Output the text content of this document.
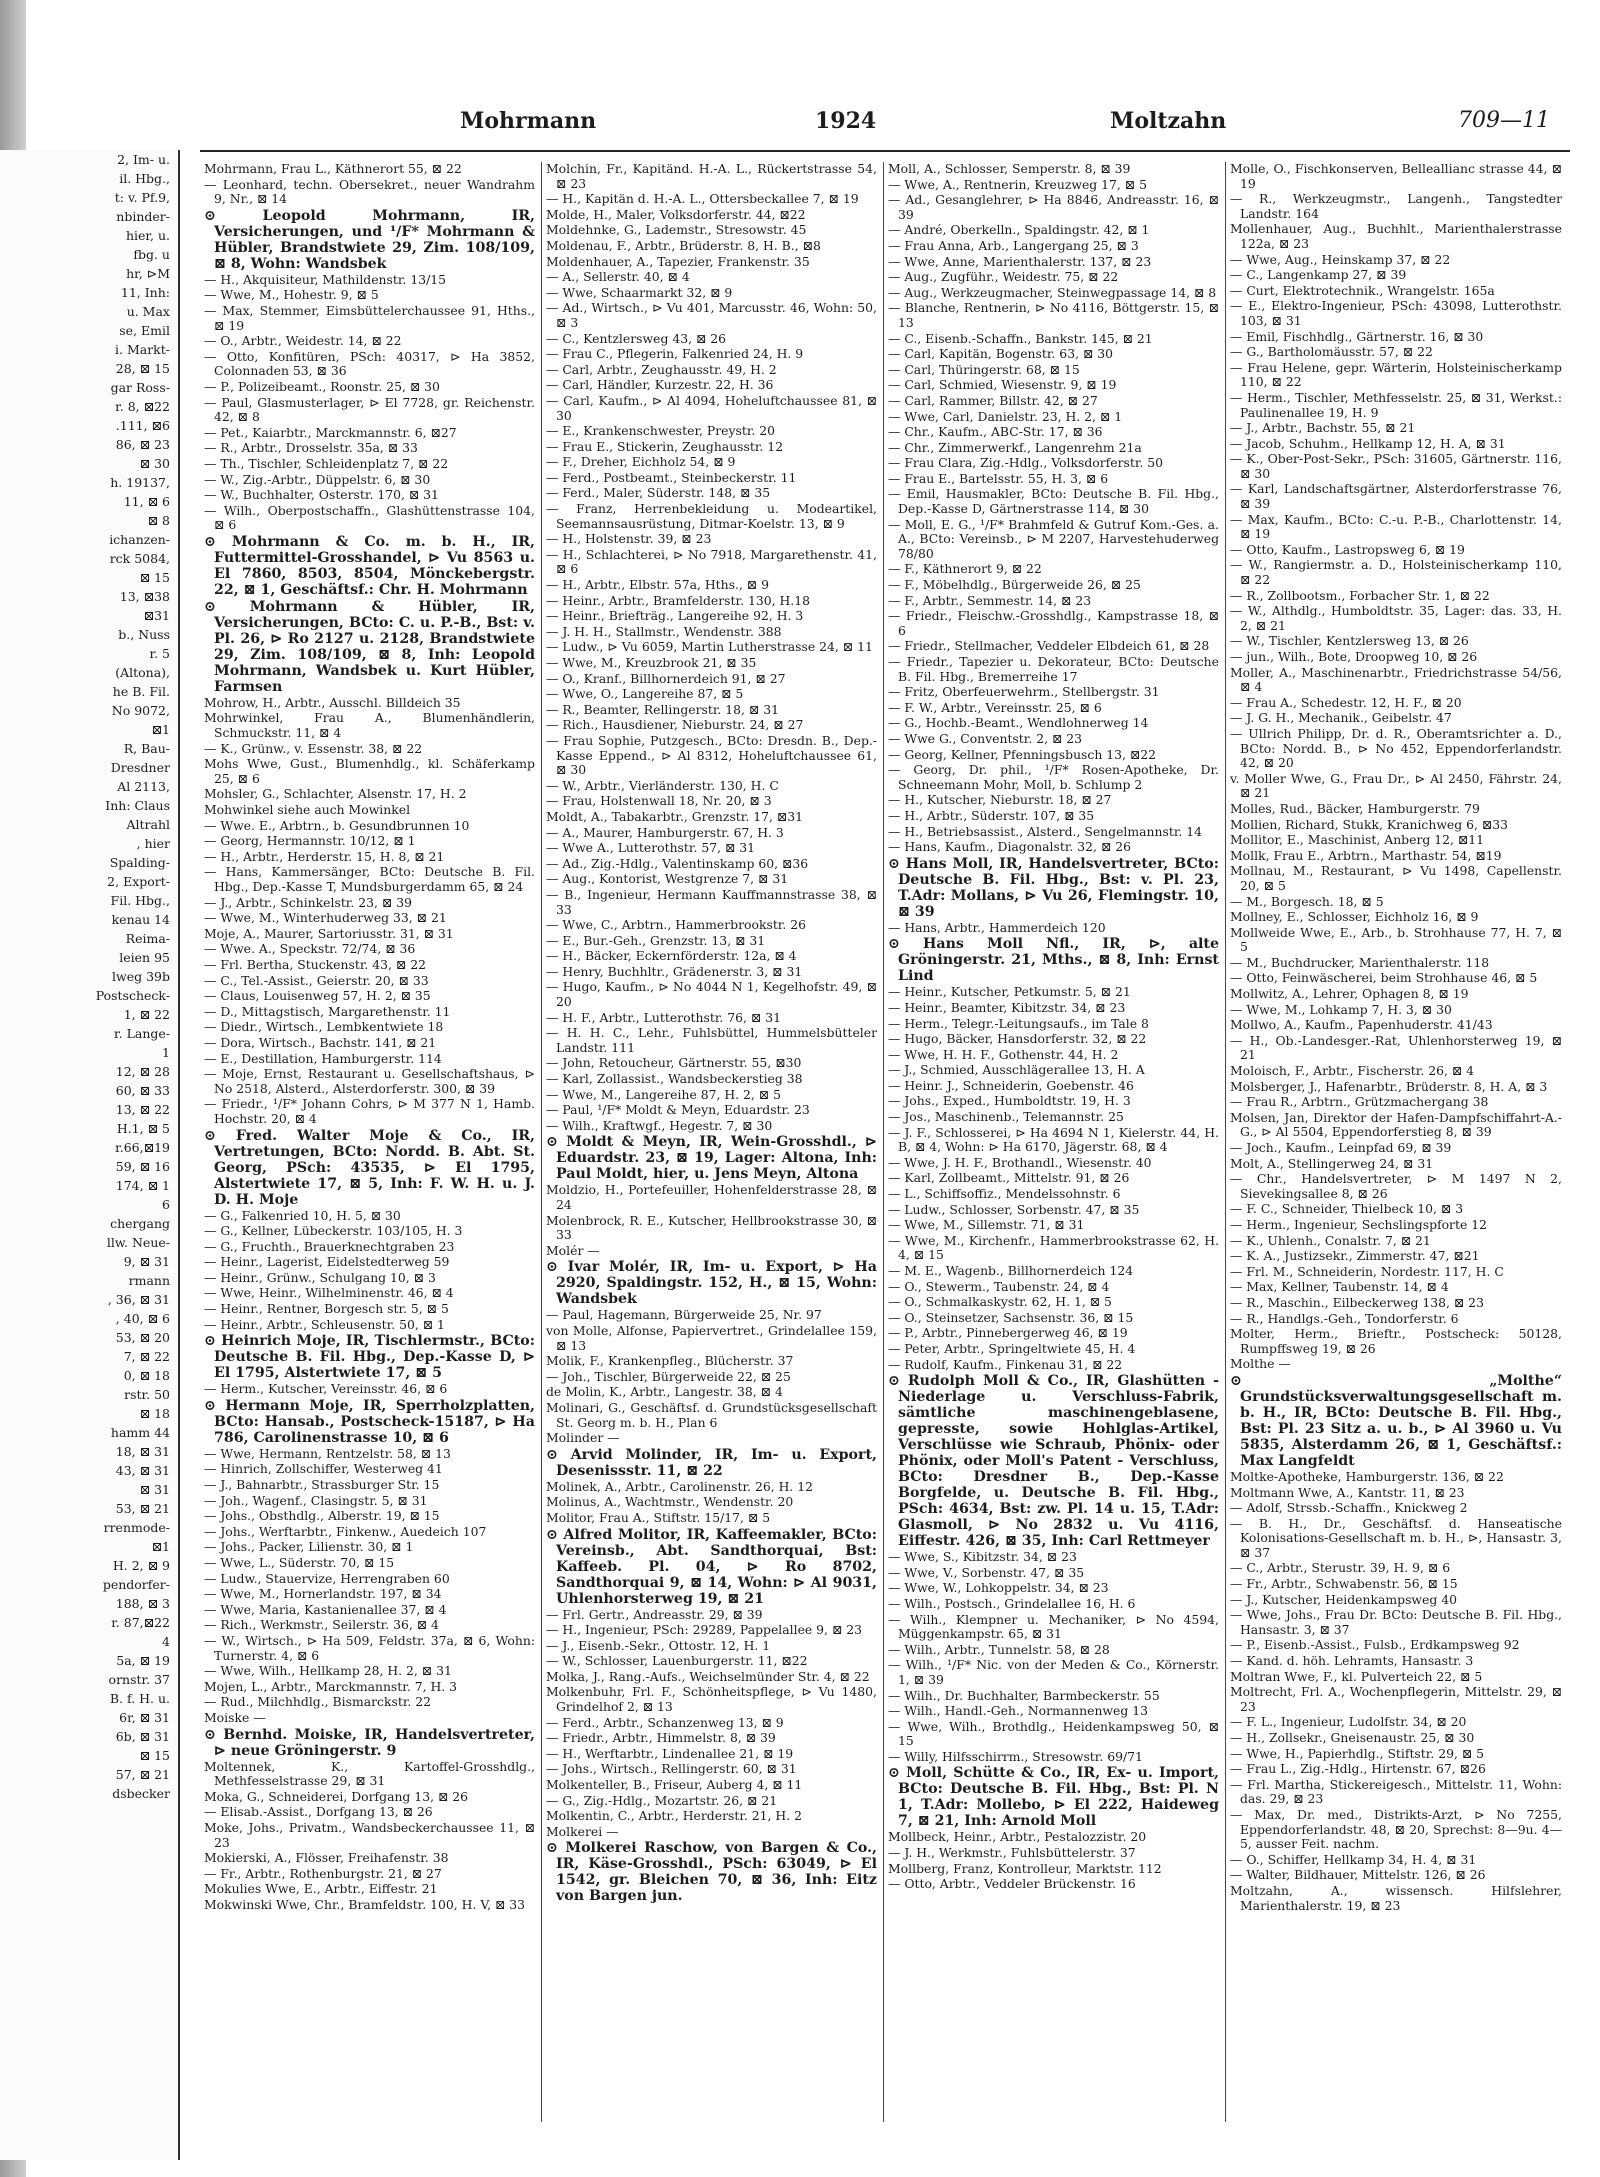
2, Im- u.
il. Hbg.,
t: v. Pf.9,
nbinder-
hier, u.
fbg. u
hr, ⊳M
11, Inh:
u. Max
se, Emil
i. Markt-
28, ⊠ 15
gar Ross-
r. 8, ⊠22
.111, ⊠6
86, ⊠ 23
⊠ 30
h. 19137,
11, ⊠ 6
⊠ 8
ichanzen-
rck 5084,
⊠ 15
13, ⊠38
⊠31
b., Nuss
r. 5
(Altona),
he B. Fil.
No 9072,
⊠1
R, Bau-
Dresdner
Al 2113,
Inh: Claus
Altrahl
, hier
Spalding-
2, Export-
Fil. Hbg.,
kenau 14
Reima-
leien 95
lweg 39b
Postscheck-
1, ⊠ 22
r. Lange-
1
12, ⊠ 28
60, ⊠ 33
13, ⊠ 22
H.1, ⊠ 5
r.66,⊠19
59, ⊠ 16
174, ⊠ 1
6
chergang
llw. Neue-
9, ⊠ 31
rmann
, 36, ⊠ 31
, 40, ⊠ 6
53, ⊠ 20
7, ⊠ 22
0, ⊠ 18
rstr. 50
⊠ 18
hamm 44
18, ⊠ 31
43, ⊠ 31
⊠ 31
53, ⊠ 21
rrenmode-
⊠1
H. 2, ⊠ 9
pendorfer-
188, ⊠ 3
r. 87,⊠22
4
5a, ⊠ 19
ornstr. 37
B. f. H. u.
6r, ⊠ 31
6b, ⊠ 31
⊠ 15
57, ⊠ 21
dsbecker
Mohrmann	1924	Moltzahn	709—11
Mohrmann, Frau L., Käthnerort 55, ⊠ 22
— Leonhard, techn. Obersekret., neuer Wandrahm 9, Nr., ⊠ 14
⊙ Leopold Mohrmann, IR, Versicherungen, und ¹/F* Mohrmann & Hübler, Brandstwiete 29, Zim. 108/109, ⊠ 8, Wohn: Wandsbek
— H., Akquisiteur, Mathildenstr. 13/15
— Wwe, M., Hohestr. 9, ⊠ 5
— Max, Stemmer, Eimsbüttelerchaussee 91, Hths., ⊠ 19
— O., Arbtr., Weidestr. 14, ⊠ 22
— Otto, Konfitüren, PSch: 40317, ⊳ Ha 3852, Colonnaden 53, ⊠ 36
— P., Polizeibeamt., Roonstr. 25, ⊠ 30
— Paul, Glasmusterlager, ⊳ El 7728, gr. Reichenstr. 42, ⊠ 8
— Pet., Kaiarbtr., Marckmannstr. 6, ⊠27
— R., Arbtr., Drosselstr. 35a, ⊠ 33
— Th., Tischler, Schleidenplatz 7, ⊠ 22
— W., Zig.-Arbtr., Düppelstr. 6, ⊠ 30
— W., Buchhalter, Osterstr. 170, ⊠ 31
— Wilh., Oberpostschaffn., Glashüttenstrasse 104, ⊠ 6
⊙ Mohrmann & Co. m. b. H., IR, Futtermittel-Grosshandel, ⊳ Vu 8563 u. El 7860, 8503, 8504, Mönckebergstr. 22, ⊠ 1, Geschäftsf.: Chr. H. Mohrmann
⊙ Mohrmann & Hübler, IR, Versicherungen, BCto: C. u. P.-B., Bst: v. Pl. 26, ⊳ Ro 2127 u. 2128, Brandstwiete 29, Zim. 108/109, ⊠ 8, Inh: Leopold Mohrmann, Wandsbek u. Kurt Hübler, Farmsen
Mohrow, H., Arbtr., Ausschl. Billdeich 35
Mohrwinkel, Frau A., Blumenhändlerin, Schmuckstr. 11, ⊠ 4
— K., Grünw., v. Essenstr. 38, ⊠ 22
Mohs Wwe, Gust., Blumenhdlg., kl. Schäferkamp 25, ⊠ 6
Mohsler, G., Schlachter, Alsenstr. 17, H. 2
Mohwinkel siehe auch Mowinkel
— Wwe. E., Arbtrn., b. Gesundbrunnen 10
— Georg, Hermannstr. 10/12, ⊠ 1
— H., Arbtr., Herderstr. 15, H. 8, ⊠ 21
— Hans, Kammersänger, BCto: Deutsche B. Fil. Hbg., Dep.-Kasse T, Mundsburgerdamm 65, ⊠ 24
— J., Arbtr., Schinkelstr. 23, ⊠ 39
— Wwe, M., Winterhuderweg 33, ⊠ 21
Moje, A., Maurer, Sartoriusstr. 31, ⊠ 31
— Wwe. A., Speckstr. 72/74, ⊠ 36
— Frl. Bertha, Stuckenstr. 43, ⊠ 22
— C., Tel.-Assist., Geierstr. 20, ⊠ 33
— Claus, Louisenweg 57, H. 2, ⊠ 35
— D., Mittagstisch, Margarethenstr. 11
— Diedr., Wirtsch., Lembkentwiete 18
— Dora, Wirtsch., Bachstr. 141, ⊠ 21
— E., Destillation, Hamburgerstr. 114
— Moje, Ernst, Restaurant u. Gesellschaftshaus, ⊳ No 2518, Alsterd., Alsterdorferstr. 300, ⊠ 39
— Friedr., ¹/F* Johann Cohrs, ⊳ M 377 N 1, Hamb. Hochstr. 20, ⊠ 4
⊙ Fred. Walter Moje & Co., IR, Vertretungen, BCto: Nordd. B. Abt. St. Georg, PSch: 43535, ⊳ El 1795, Alstertwiete 17, ⊠ 5, Inh: F. W. H. u. J. D. H. Moje
— G., Falkenried 10, H. 5, ⊠ 30
— G., Kellner, Lübeckerstr. 103/105, H. 3
— G., Fruchth., Brauerknechtgraben 23
— Heinr., Lagerist, Eidelstedterweg 59
— Heinr., Grünw., Schulgang 10, ⊠ 3
— Wwe, Heinr., Wilhelminenstr. 46, ⊠ 4
— Heinr., Rentner, Borgesch str. 5, ⊠ 5
— Heinr., Arbtr., Schleusenstr. 50, ⊠ 1
⊙ Heinrich Moje, IR, Tischlermstr., BCto: Deutsche B. Fil. Hbg., Dep.-Kasse D, ⊳ El 1795, Alstertwiete 17, ⊠ 5
— Herm., Kutscher, Vereinsstr. 46, ⊠ 6
⊙ Hermann Moje, IR, Sperrholzplatten, BCto: Hansab., Postscheck-15187, ⊳ Ha 786, Carolinenstrasse 10, ⊠ 6
— Wwe, Hermann, Rentzelstr. 58, ⊠ 13
— Hinrich, Zollschiffer, Westerweg 41
— J., Bahnarbtr., Strassburger Str. 15
— Joh., Wagenf., Clasingstr. 5, ⊠ 31
— Johs., Obsthdlg., Alberstr. 19, ⊠ 15
— Johs., Werftarbtr., Finkenw., Auedeich 107
— Johs., Packer, Lilienstr. 30, ⊠ 1
— Wwe, L., Süderstr. 70, ⊠ 15
— Ludw., Stauervize, Herrengraben 60
— Wwe, M., Hornerlandstr. 197, ⊠ 34
— Wwe, Maria, Kastanienallee 37, ⊠ 4
— Rich., Werkmstr., Seilerstr. 36, ⊠ 4
— W., Wirtsch., ⊳ Ha 509, Feldstr. 37a, ⊠ 6, Wohn: Turnerstr. 4, ⊠ 6
— Wwe, Wilh., Hellkamp 28, H. 2, ⊠ 31
Mojen, L., Arbtr., Marckmannstr. 7, H. 3
— Rud., Milchhdlg., Bismarckstr. 22
Moiske —
⊙ Bernhd. Moiske, IR, Handelsvertreter, ⊳ neue Gröningerstr. 9
Moltennek, K., Kartoffel-Grosshdlg., Methfesselstrasse 29, ⊠ 31
Moka, G., Schneiderei, Dorfgang 13, ⊠ 26
— Elisab.-Assist., Dorfgang 13, ⊠ 26
Moke, Johs., Privatm., Wandsbeckerchaussee 11, ⊠ 23
Mokierski, A., Flösser, Freihafenstr. 38
— Fr., Arbtr., Rothenburgstr. 21, ⊠ 27
Mokulies Wwe, E., Arbtr., Eiffestr. 21
Mokwinski Wwe, Chr., Bramfeldstr. 100, H. V, ⊠ 33
Molchin, Fr., Kapitänd. H.-A. L., Rückertstrasse 54, ⊠ 23
— H., Kapitän d. H.-A. L., Ottersbeckallee 7, ⊠ 19
Molde, H., Maler, Volksdorferstr. 44, ⊠22
Moldehnke, G., Lademstr., Stresowstr. 45
Moldenau, F., Arbtr., Brüderstr. 8, H. B., ⊠8
Moldenhauer, A., Tapezier, Frankenstr. 35
— A., Sellerstr. 40, ⊠ 4
— Wwe, Schaarmarkt 32, ⊠ 9
— Ad., Wirtsch., ⊳ Vu 401, Marcusstr. 46, Wohn: 50, ⊠ 3
— C., Kentzlersweg 43, ⊠ 26
— Frau C., Pflegerin, Falkenried 24, H. 9
— Carl, Arbtr., Zeughausstr. 49, H. 2
— Carl, Händler, Kurzestr. 22, H. 36
— Carl, Kaufm., ⊳ Al 4094, Hoheluftchaussee 81, ⊠ 30
— E., Krankenschwester, Preystr. 20
— Frau E., Stickerin, Zeughausstr. 12
— F., Dreher, Eichholz 54, ⊠ 9
— Ferd., Postbeamt., Steinbeckerstr. 11
— Ferd., Maler, Süderstr. 148, ⊠ 35
— Franz, Herrenbekleidung u. Modeartikel, Seemannsausrüstung, Ditmar-Koelstr. 13, ⊠ 9
— H., Holstenstr. 39, ⊠ 23
— H., Schlachterei, ⊳ No 7918, Margarethenstr. 41, ⊠ 6
— H., Arbtr., Elbstr. 57a, Hths., ⊠ 9
— Heinr., Arbtr., Bramfelderstr. 130, H.18
— Heinr., Briefträg., Langereihe 92, H. 3
— J. H. H., Stallmstr., Wendenstr. 388
— Ludw., ⊳ Vu 6059, Martin Lutherstrasse 24, ⊠ 11
— Wwe, M., Kreuzbrook 21, ⊠ 35
— O., Kranf., Billhornerdeich 91, ⊠ 27
— Wwe, O., Langereihe 87, ⊠ 5
— R., Beamter, Rellingerstr. 18, ⊠ 31
— Rich., Hausdiener, Nieburstr. 24, ⊠ 27
— Frau Sophie, Putzgesch., BCto: Dresdn. B., Dep.-Kasse Eppend., ⊳ Al 8312, Hoheluftchaussee 61, ⊠ 30
— W., Arbtr., Vierländerstr. 130, H. C
— Frau, Holstenwall 18, Nr. 20, ⊠ 3
Moldt, A., Tabakarbtr., Grenzstr. 17, ⊠31
— A., Maurer, Hamburgerstr. 67, H. 3
— Wwe A., Lutterothstr. 57, ⊠ 31
— Ad., Zig.-Hdlg., Valentinskamp 60, ⊠36
— Aug., Kontorist, Westgrenze 7, ⊠ 31
— B., Ingenieur, Hermann Kauffmannstrasse 38, ⊠ 33
— Wwe, C., Arbtrn., Hammerbrookstr. 26
— E., Bur.-Geh., Grenzstr. 13, ⊠ 31
— H., Bäcker, Eckernförderstr. 12a, ⊠ 4
— Henry, Buchhltr., Grädenerstr. 3, ⊠ 31
— Hugo, Kaufm., ⊳ No 4044 N 1, Kegelhofstr. 49, ⊠ 20
— H. F., Arbtr., Lutterothstr. 76, ⊠ 31
— H. H. C., Lehr., Fuhlsbüttel, Hummelsbütteler Landstr. 111
— John, Retoucheur, Gärtnerstr. 55, ⊠30
— Karl, Zollassist., Wandsbeckerstieg 38
— Wwe, M., Langereihe 87, H. 2, ⊠ 5
— Paul, ¹/F* Moldt & Meyn, Eduardstr. 23
— Wilh., Kraftwgf., Hegestr. 7, ⊠ 30
⊙ Moldt & Meyn, IR, Wein-Grosshdl., ⊳ Eduardstr. 23, ⊠ 19, Lager: Altona, Inh: Paul Moldt, hier, u. Jens Meyn, Altona
Moldzio, H., Portefeuiller, Hohenfelderstrasse 28, ⊠ 24
Molenbrock, R. E., Kutscher, Hellbrookstrasse 30, ⊠ 33
Molér —
⊙ Ivar Molér, IR, Im- u. Export, ⊳ Ha 2920, Spaldingstr. 152, H., ⊠ 15, Wohn: Wandsbek
— Paul, Hagemann, Bürgerweide 25, Nr. 97
von Molle, Alfonse, Papiervertret., Grindelallee 159, ⊠ 13
Molik, F., Krankenpfleg., Blücherstr. 37
— Joh., Tischler, Bürgerweide 22, ⊠ 25
de Molin, K., Arbtr., Langestr. 38, ⊠ 4
Molinari, G., Geschäftsf. d. Grundstücksgesellschaft St. Georg m. b. H., Plan 6
Molinder —
⊙ Arvid Molinder, IR, Im- u. Export, Desenissstr. 11, ⊠ 22
Molinek, A., Arbtr., Carolinenstr. 26, H. 12
Molinus, A., Wachtmstr., Wendenstr. 20
Molitor, Frau A., Stiftstr. 15/17, ⊠ 5
⊙ Alfred Molitor, IR, Kaffeemakler, BCto: Vereinsb., Abt. Sandthorquai, Bst: Kaffeeb. Pl. 04, ⊳ Ro 8702, Sandthorquai 9, ⊠ 14, Wohn: ⊳ Al 9031, Uhlenhorsterweg 19, ⊠ 21
— Frl. Gertr., Andreasstr. 29, ⊠ 39
— H., Ingenieur, PSch: 29289, Pappelallee 9, ⊠ 23
— J., Eisenb.-Sekr., Ottostr. 12, H. 1
— W., Schlosser, Lauenburgerstr. 11, ⊠22
Molka, J., Rang.-Aufs., Weichselmünder Str. 4, ⊠ 22
Molkenbuhr, Frl. F., Schönheitspflege, ⊳ Vu 1480, Grindelhof 2, ⊠ 13
— Ferd., Arbtr., Schanzenweg 13, ⊠ 9
— Friedr., Arbtr., Himmelstr. 8, ⊠ 39
— H., Werftarbtr., Lindenallee 21, ⊠ 19
— Johs., Wirtsch., Rellingerstr. 60, ⊠ 31
Molkenteller, B., Friseur, Auberg 4, ⊠ 11
— G., Zig.-Hdlg., Mozartstr. 26, ⊠ 21
Molkentin, C., Arbtr., Herderstr. 21, H. 2
Molkerei —
⊙ Molkerei Raschow, von Bargen & Co., IR, Käse-Grosshdl., PSch: 63049, ⊳ El 1542, gr. Bleichen 70, ⊠ 36, Inh: Eitz von Bargen jun.
Moll, A., Schlosser, Semperstr. 8, ⊠ 39
— Wwe, A., Rentnerin, Kreuzweg 17, ⊠ 5
— Ad., Gesanglehrer, ⊳ Ha 8846, Andreasstr. 16, ⊠ 39
— André, Oberkelln., Spaldingstr. 42, ⊠ 1
— Frau Anna, Arb., Langergang 25, ⊠ 3
— Wwe, Anne, Marienthalerstr. 137, ⊠ 23
— Aug., Zugführ., Weidestr. 75, ⊠ 22
— Aug., Werkzeugmacher, Steinwegpassage 14, ⊠ 8
— Blanche, Rentnerin, ⊳ No 4116, Böttgerstr. 15, ⊠ 13
— C., Eisenb.-Schaffn., Bankstr. 145, ⊠ 21
— Carl, Kapitän, Bogenstr. 63, ⊠ 30
— Carl, Thüringerstr. 68, ⊠ 15
— Carl, Schmied, Wiesenstr. 9, ⊠ 19
— Carl, Rammer, Billstr. 42, ⊠ 27
— Wwe, Carl, Danielstr. 23, H. 2, ⊠ 1
— Chr., Kaufm., ABC-Str. 17, ⊠ 36
— Chr., Zimmerwerkf., Langenrehm 21a
— Frau Clara, Zig.-Hdlg., Volksdorferstr. 50
— Frau E., Bartelsstr. 55, H. 3, ⊠ 6
— Emil, Hausmakler, BCto: Deutsche B. Fil. Hbg., Dep.-Kasse D, Gärtnerstrasse 114, ⊠ 30
— Moll, E. G., ¹/F* Brahmfeld & Gutruf Kom.-Ges. a. A., BCto: Vereinsb., ⊳ M 2207, Harvestehuderweg 78/80
— F., Käthnerort 9, ⊠ 22
— F., Möbelhdlg., Bürgerweide 26, ⊠ 25
— F., Arbtr., Semmestr. 14, ⊠ 23
— Friedr., Fleischw.-Grosshdlg., Kampstrasse 18, ⊠ 6
— Friedr., Stellmacher, Veddeler Elbdeich 61, ⊠ 28
— Friedr., Tapezier u. Dekorateur, BCto: Deutsche B. Fil. Hbg., Bremerreihe 17
— Fritz, Oberfeuerwehrm., Stellbergstr. 31
— F. W., Arbtr., Vereinsstr. 25, ⊠ 6
— G., Hochb.-Beamt., Wendlohnerweg 14
— Wwe G., Conventstr. 2, ⊠ 23
— Georg, Kellner, Pfenningsbusch 13, ⊠22
— Georg, Dr. phil., ¹/F* Rosen-Apotheke, Dr. Schneemann Mohr, Moll, b. Schlump 2
— H., Kutscher, Nieburstr. 18, ⊠ 27
— H., Arbtr., Süderstr. 107, ⊠ 35
— H., Betriebsassist., Alsterd., Sengelmannstr. 14
— Hans, Kaufm., Diagonalstr. 32, ⊠ 26
⊙ Hans Moll, IR, Handelsvertreter, BCto: Deutsche B. Fil. Hbg., Bst: v. Pl. 23, T.Adr: Mollans, ⊳ Vu 26, Flemingstr. 10, ⊠ 39
— Hans, Arbtr., Hammerdeich 120
⊙ Hans Moll Nfl., IR, ⊳, alte Gröningerstr. 21, Mths., ⊠ 8, Inh: Ernst Lind
— Heinr., Kutscher, Petkumstr. 5, ⊠ 21
— Heinr., Beamter, Kibitzstr. 34, ⊠ 23
— Herm., Telegr.-Leitungsaufs., im Tale 8
— Hugo, Bäcker, Hansdorferstr. 32, ⊠ 22
— Wwe, H. H. F., Gothenstr. 44, H. 2
— J., Schmied, Ausschlägerallee 13, H. A
— Heinr. J., Schneiderin, Goebenstr. 46
— Johs., Exped., Humboldtstr. 19, H. 3
— Jos., Maschinenb., Telemannstr. 25
— J. F., Schlosserei, ⊳ Ha 4694 N 1, Kielerstr. 44, H. B, ⊠ 4, Wohn: ⊳ Ha 6170, Jägerstr. 68, ⊠ 4
— Wwe, J. H. F., Brothandl., Wiesenstr. 40
— Karl, Zollbeamt., Mittelstr. 91, ⊠ 26
— L., Schiffsoffiz., Mendelssohnstr. 6
— Ludw., Schlosser, Sorbenstr. 47, ⊠ 35
— Wwe, M., Sillemstr. 71, ⊠ 31
— Wwe, M., Kirchenfr., Hammerbrookstrasse 62, H. 4, ⊠ 15
— M. E., Wagenb., Billhornerdeich 124
— O., Stewerm., Taubenstr. 24, ⊠ 4
— O., Schmalkaskystr. 62, H. 1, ⊠ 5
— O., Steinsetzer, Sachsenstr. 36, ⊠ 15
— P., Arbtr., Pinnebergerweg 46, ⊠ 19
— Peter, Arbtr., Springeltwiete 45, H. 4
— Rudolf, Kaufm., Finkenau 31, ⊠ 22
⊙ Rudolph Moll & Co., IR, Glashütten - Niederlage u. Verschluss-Fabrik, sämtliche maschinengeblasene, gepresste, sowie Hohlglas-Artikel, Verschlüsse wie Schraub, Phönix- oder Phönix, oder Moll's Patent - Verschluss, BCto: Dresdner B., Dep.-Kasse Borgfelde, u. Deutsche B. Fil. Hbg., PSch: 4634, Bst: zw. Pl. 14 u. 15, T.Adr: Glasmoll, ⊳ No 2832 u. Vu 4116, Eiffestr. 426, ⊠ 35, Inh: Carl Rettmeyer
— Wwe, S., Kibitzstr. 34, ⊠ 23
— Wwe, V., Sorbenstr. 47, ⊠ 35
— Wwe, W., Lohkoppelstr. 34, ⊠ 23
— Wilh., Postsch., Grindelallee 16, H. 6
— Wilh., Klempner u. Mechaniker, ⊳ No 4594, Müggenkampstr. 65, ⊠ 31
— Wilh., Arbtr., Tunnelstr. 58, ⊠ 28
— Wilh., ¹/F* Nic. von der Meden & Co., Körnerstr. 1, ⊠ 39
— Wilh., Dr. Buchhalter, Barmbeckerstr. 55
— Wilh., Handl.-Geh., Normannenweg 13
— Wwe, Wilh., Brothdlg., Heidenkampsweg 50, ⊠ 15
— Willy, Hilfsschirrm., Stresowstr. 69/71
⊙ Moll, Schütte & Co., IR, Ex- u. Import, BCto: Deutsche B. Fil. Hbg., Bst: Pl. N 1, T.Adr: Mollebo, ⊳ El 222, Haideweg 7, ⊠ 21, Inh: Arnold Moll
Mollbeck, Heinr., Arbtr., Pestalozzistr. 20
— J. H., Werkmstr., Fuhlsbüttelerstr. 37
Mollberg, Franz, Kontrolleur, Marktstr. 112
— Otto, Arbtr., Veddeler Brückenstr. 16
Molle, O., Fischkonserven, Belleallianc strasse 44, ⊠ 19
— R., Werkzeugmstr., Langenh., Tangstedter Landstr. 164
Mollenhauer, Aug., Buchhlt., Marienthalerstrasse 122a, ⊠ 23
— Wwe, Aug., Heinskamp 37, ⊠ 22
— C., Langenkamp 27, ⊠ 39
— Curt, Elektrotechnik., Wrangelstr. 165a
— E., Elektro-Ingenieur, PSch: 43098, Lutterothstr. 103, ⊠ 31
— Emil, Fischhdlg., Gärtnerstr. 16, ⊠ 30
— G., Bartholomäusstr. 57, ⊠ 22
— Frau Helene, gepr. Wärterin, Holsteinischerkamp 110, ⊠ 22
— Herm., Tischler, Methfesselstr. 25, ⊠ 31, Werkst.: Paulinenallee 19, H. 9
— J., Arbtr., Bachstr. 55, ⊠ 21
— Jacob, Schuhm., Hellkamp 12, H. A, ⊠ 31
— K., Ober-Post-Sekr., PSch: 31605, Gärtnerstr. 116, ⊠ 30
— Karl, Landschaftsgärtner, Alsterdorferstrasse 76, ⊠ 39
— Max, Kaufm., BCto: C.-u. P.-B., Charlottenstr. 14, ⊠ 19
— Otto, Kaufm., Lastropsweg 6, ⊠ 19
— W., Rangiermstr. a. D., Holsteinischerkamp 110, ⊠ 22
— R., Zollbootsm., Forbacher Str. 1, ⊠ 22
— W., Althdlg., Humboldtstr. 35, Lager: das. 33, H. 2, ⊠ 21
— W., Tischler, Kentzlersweg 13, ⊠ 26
— jun., Wilh., Bote, Droopweg 10, ⊠ 26
Moller, A., Maschinenarbtr., Friedrichstrasse 54/56, ⊠ 4
— Frau A., Schedestr. 12, H. F., ⊠ 20
— J. G. H., Mechanik., Geibelstr. 47
— Ullrich Philipp, Dr. d. R., Oberamtsrichter a. D., BCto: Nordd. B., ⊳ No 452, Eppendorferlandstr. 42, ⊠ 20
v. Moller Wwe, G., Frau Dr., ⊳ Al 2450, Fährstr. 24, ⊠ 21
Molles, Rud., Bäcker, Hamburgerstr. 79
Mollien, Richard, Stukk, Kranichweg 6, ⊠33
Mollitor, E., Maschinist, Anberg 12, ⊠11
Mollk, Frau E., Arbtrn., Marthastr. 54, ⊠19
Mollnau, M., Restaurant, ⊳ Vu 1498, Capellenstr. 20, ⊠ 5
— M., Borgesch. 18, ⊠ 5
Mollney, E., Schlosser, Eichholz 16, ⊠ 9
Mollweide Wwe, E., Arb., b. Strohhause 77, H. 7, ⊠ 5
— M., Buchdrucker, Marienthalerstr. 118
— Otto, Feinwäscherei, beim Strohhause 46, ⊠ 5
Mollwitz, A., Lehrer, Ophagen 8, ⊠ 19
— Wwe, M., Lohkamp 7, H. 3, ⊠ 30
Mollwo, A., Kaufm., Papenhuderstr. 41/43
— H., Ob.-Landesger.-Rat, Uhlenhorsterweg 19, ⊠ 21
Moloisch, F., Arbtr., Fischerstr. 26, ⊠ 4
Molsberger, J., Hafenarbtr., Brüderstr. 8, H. A, ⊠ 3
— Frau R., Arbtrn., Grützmachergang 38
Molsen, Jan, Direktor der Hafen-Dampfschiffahrt-A.-G., ⊳ Al 5504, Eppendorferstieg 8, ⊠ 39
— Joch., Kaufm., Leinpfad 69, ⊠ 39
Molt, A., Stellingerweg 24, ⊠ 31
— Chr., Handelsvertreter, ⊳ M 1497 N 2, Sievekingsallee 8, ⊠ 26
— F. C., Schneider, Thielbeck 10, ⊠ 3
— Herm., Ingenieur, Sechslingspforte 12
— K., Uhlenh., Conalstr. 7, ⊠ 21
— K. A., Justizsekr., Zimmerstr. 47, ⊠21
— Frl. M., Schneiderin, Nordestr. 117, H. C
— Max, Kellner, Taubenstr. 14, ⊠ 4
— R., Maschin., Eilbeckerweg 138, ⊠ 23
— R., Handlgs.-Geh., Tondorferstr. 6
Molter, Herm., Brieftr., Postscheck: 50128, Rumpffsweg 19, ⊠ 26
Molthe —
⊙ „Molthe“ Grundstücksverwaltungsgesellschaft m. b. H., IR, BCto: Deutsche B. Fil. Hbg., Bst: Pl. 23 Sitz a. u. b., ⊳ Al 3960 u. Vu 5835, Alsterdamm 26, ⊠ 1, Geschäftsf.: Max Langfeldt
Moltke-Apotheke, Hamburgerstr. 136, ⊠ 22
Moltmann Wwe, A., Kantstr. 11, ⊠ 23
— Adolf, Strssb.-Schaffn., Knickweg 2
— B. H., Dr., Geschäftsf. d. Hanseatische Kolonisations-Gesellschaft m. b. H., ⊳, Hansastr. 3, ⊠ 37
— C., Arbtr., Sterustr. 39, H. 9, ⊠ 6
— Fr., Arbtr., Schwabenstr. 56, ⊠ 15
— J., Kutscher, Heidenkampsweg 40
— Wwe, Johs., Frau Dr. BCto: Deutsche B. Fil. Hbg., Hansastr. 3, ⊠ 37
— P., Eisenb.-Assist., Fulsb., Erdkampsweg 92
— Kand. d. höh. Lehramts, Hansastr. 3
Moltran Wwe, F., kl. Pulverteich 22, ⊠ 5
Moltrecht, Frl. A., Wochenpflegerin, Mittelstr. 29, ⊠ 23
— F. L., Ingenieur, Ludolfstr. 34, ⊠ 20
— H., Zollsekr., Gneisenaustr. 25, ⊠ 30
— Wwe, H., Papierhdlg., Stiftstr. 29, ⊠ 5
— Frau L., Zig.-Hdlg., Hirtenstr. 67, ⊠26
— Frl. Martha, Stickereigesch., Mittelstr. 11, Wohn: das. 29, ⊠ 23
— Max, Dr. med., Distrikts-Arzt, ⊳ No 7255, Eppendorferlandstr. 48, ⊠ 20, Sprechst: 8—9u. 4—5, ausser Feit. nachm.
— O., Schiffer, Hellkamp 34, H. 4, ⊠ 31
— Walter, Bildhauer, Mittelstr. 126, ⊠ 26
Moltzahn, A., wissensch. Hilfslehrer, Marienthalerstr. 19, ⊠ 23
